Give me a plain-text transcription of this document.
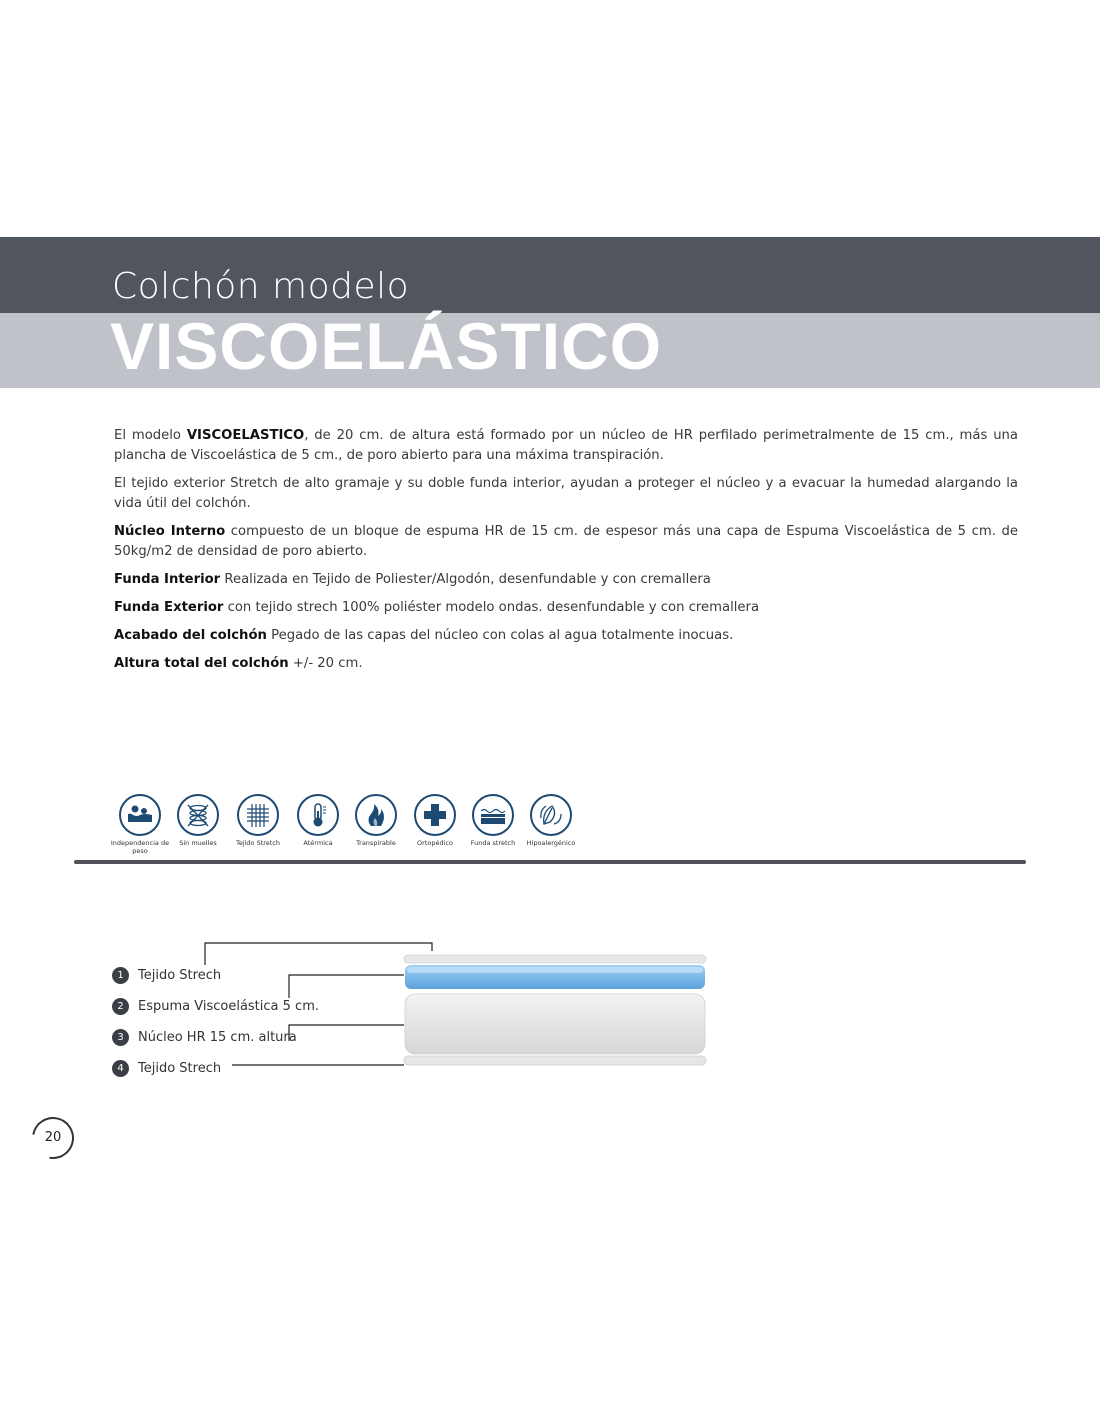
Colchón modelo
VISCOELÁSTICO

El modelo VISCOELASTICO, de 20 cm. de altura está formado por un núcleo de HR perfilado perimetralmente de 15 cm., más una plancha de Viscoelástica de 5 cm., de poro abierto para una máxima transpiración.

El tejido exterior Stretch de alto gramaje y su doble funda interior, ayudan a proteger el núcleo y a evacuar la humedad alargando la vida útil del colchón.

Núcleo Interno compuesto de un bloque de espuma HR de 15 cm. de espesor más una capa de Espuma Viscoelástica de 5 cm. de 50kg/m2 de densidad de poro abierto.

Funda Interior Realizada en Tejido de Poliester/Algodón, desenfundable y con cremallera

Funda Exterior con tejido strech 100% poliéster modelo ondas. desenfundable y con cremallera

Acabado del colchón Pegado de las capas del núcleo con colas al agua totalmente inocuas.

Altura total del colchón +/- 20 cm.

Independencia de peso
Sin muelles	Tejido Stretch	Atérmica	Transpirable	Ortopédico	Funda stretch	Hipoalergénico
1 Tejido Strech
2 Espuma Viscoelástica 5 cm.
3 Núcleo HR 15 cm. altura
4 Tejido Strech
20
